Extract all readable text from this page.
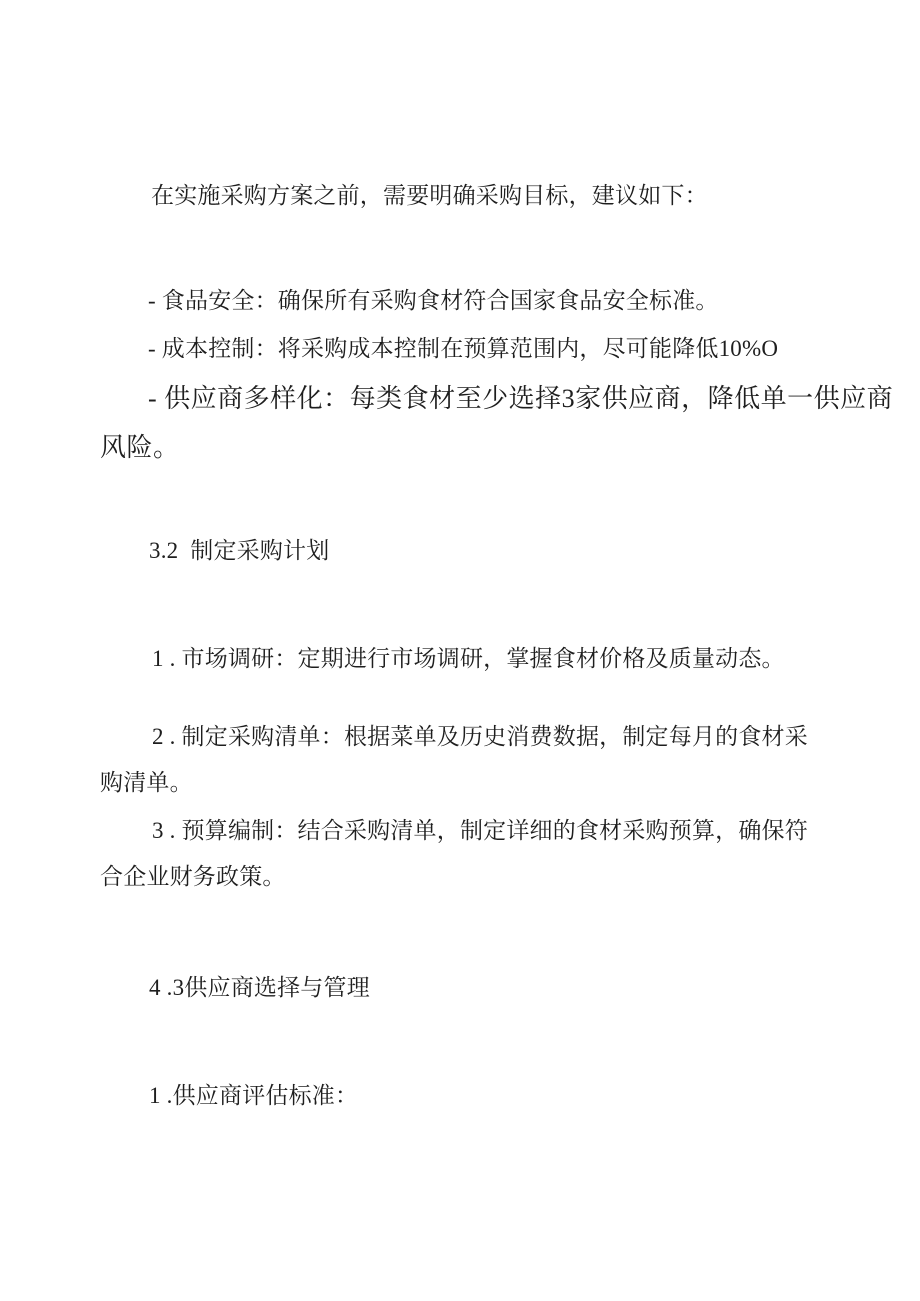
在实施采购方案之前，需要明确采购目标，建议如下：
- 食品安全：确保所有采购食材符合国家食品安全标准。
- 成本控制：将采购成本控制在预算范围内，尽可能降低10%O
- 供应商多样化：每类食材至少选择3家供应商，降低单一供应商
风险。
3.2  制定采购计划
1 . 市场调研：定期进行市场调研，掌握食材价格及质量动态。
2 . 制定采购清单：根据菜单及历史消费数据，制定每月的食材采
购清单。
3 . 预算编制：结合采购清单，制定详细的食材采购预算，确保符
合企业财务政策。
4 .3供应商选择与管理
1 .供应商评估标准：
